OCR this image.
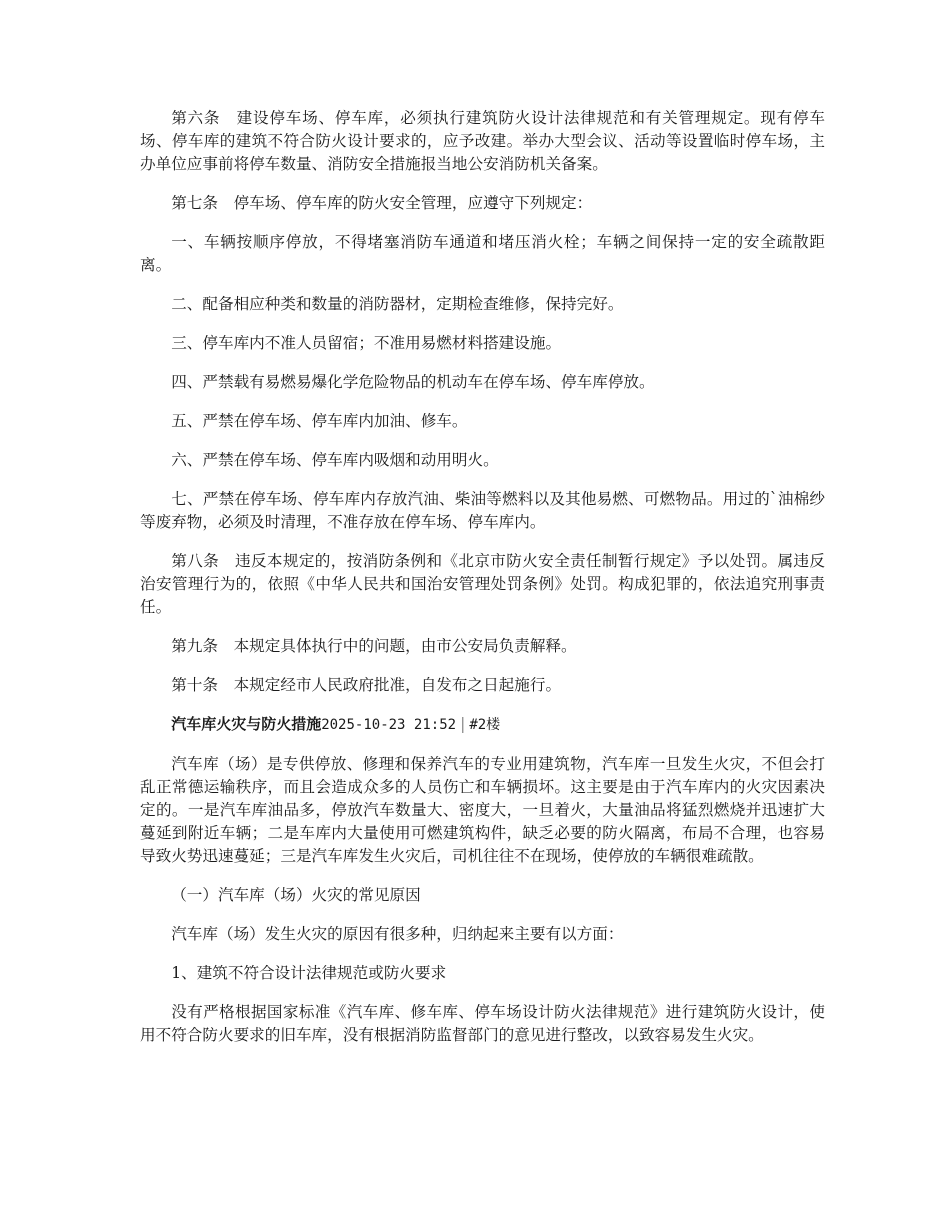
第六条　建设停车场、停车库，必须执行建筑防火设计法律规范和有关管理规定。现有停车场、停车库的建筑不符合防火设计要求的，应予改建。举办大型会议、活动等设置临时停车场，主办单位应事前将停车数量、消防安全措施报当地公安消防机关备案。

第七条　停车场、停车库的防火安全管理，应遵守下列规定：

一、车辆按顺序停放，不得堵塞消防车通道和堵压消火栓；车辆之间保持一定的安全疏散距离。

二、配备相应种类和数量的消防器材，定期检查维修，保持完好。

三、停车库内不准人员留宿；不准用易燃材料搭建设施。

四、严禁载有易燃易爆化学危险物品的机动车在停车场、停车库停放。

五、严禁在停车场、停车库内加油、修车。

六、严禁在停车场、停车库内吸烟和动用明火。

七、严禁在停车场、停车库内存放汽油、柴油等燃料以及其他易燃、可燃物品。用过的`油棉纱等废弃物，必须及时清理，不准存放在停车场、停车库内。

第八条　违反本规定的，按消防条例和《北京市防火安全责任制暂行规定》予以处罚。属违反治安管理行为的，依照《中华人民共和国治安管理处罚条例》处罚。构成犯罪的，依法追究刑事责任。

第九条　本规定具体执行中的问题，由市公安局负责解释。

第十条　本规定经市人民政府批准，自发布之日起施行。

汽车库火灾与防火措施2025-10-23 21:52 | #2楼

汽车库（场）是专供停放、修理和保养汽车的专业用建筑物，汽车库一旦发生火灾，不但会打乱正常德运输秩序，而且会造成众多的人员伤亡和车辆损坏。这主要是由于汽车库内的火灾因素决定的。一是汽车库油品多，停放汽车数量大、密度大，一旦着火，大量油品将猛烈燃烧并迅速扩大蔓延到附近车辆；二是车库内大量使用可燃建筑构件，缺乏必要的防火隔离，布局不合理，也容易导致火势迅速蔓延；三是汽车库发生火灾后，司机往往不在现场，使停放的车辆很难疏散。

（一）汽车库（场）火灾的常见原因

汽车库（场）发生火灾的原因有很多种，归纳起来主要有以方面：

1、建筑不符合设计法律规范或防火要求

没有严格根据国家标准《汽车库、修车库、停车场设计防火法律规范》进行建筑防火设计，使用不符合防火要求的旧车库，没有根据消防监督部门的意见进行整改，以致容易发生火灾。
